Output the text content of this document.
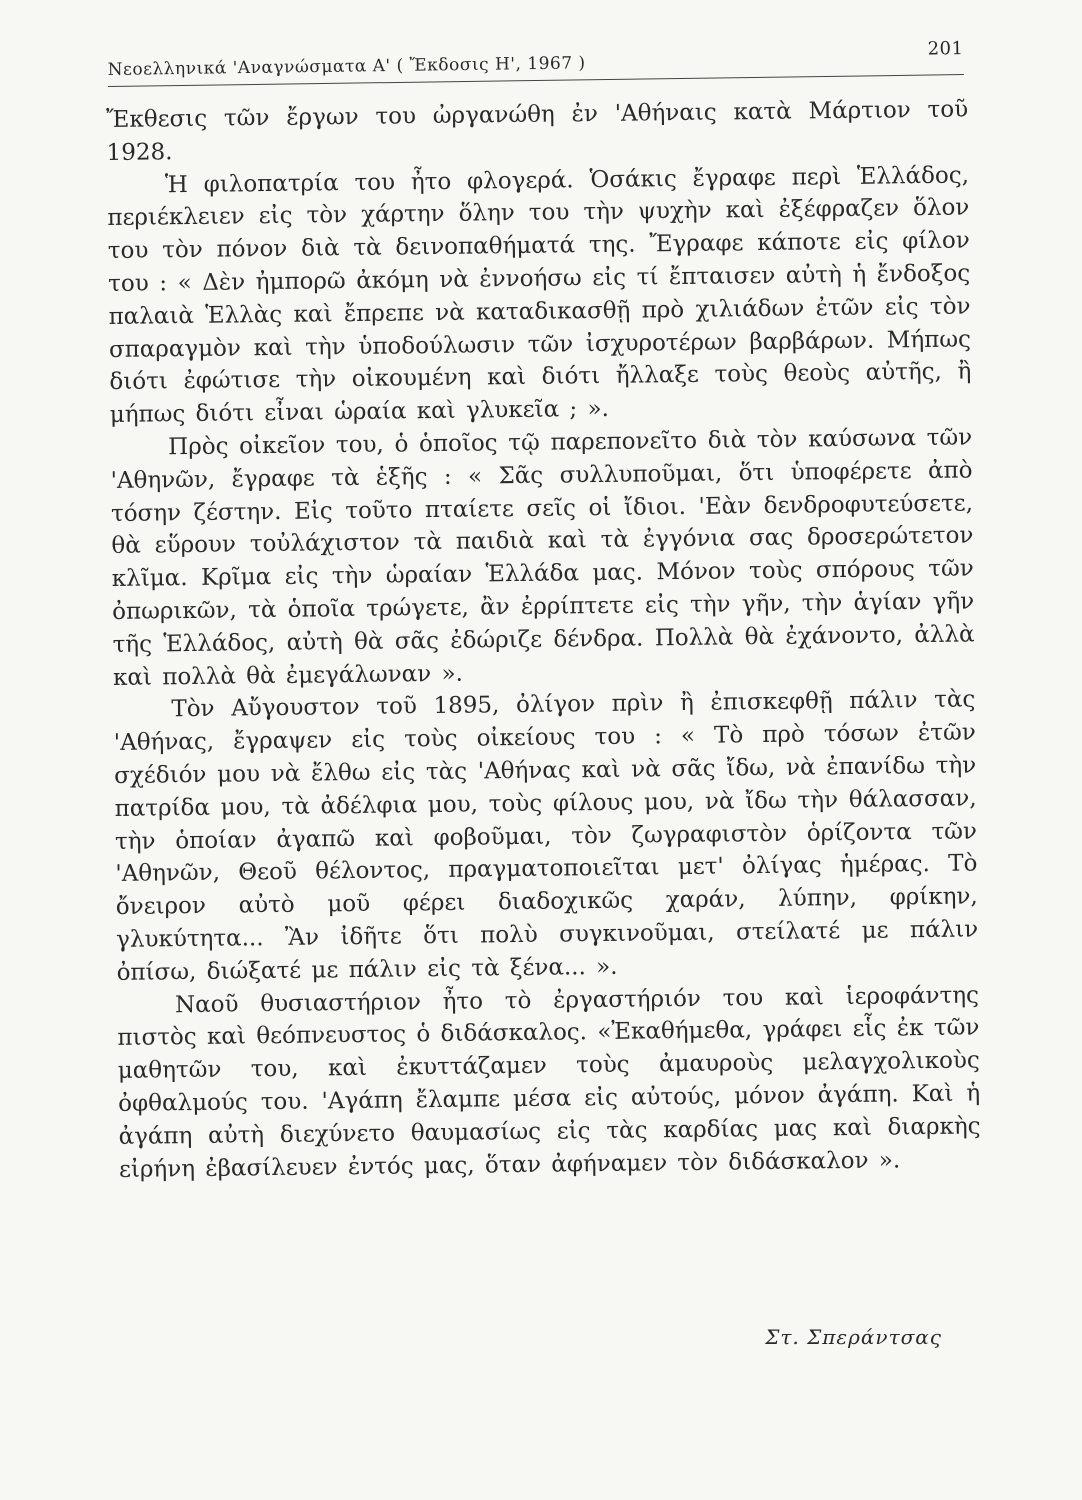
Νεοελληνικά 'Αναγνώσματα Α' ( Ἔκδοσις Η', 1967 )
201

Ἔκθεσις τῶν ἔργων του ὠργανώθη ἐν 'Αθήναις κατὰ Μάρτιον τοῦ 1928.

Ἡ φιλοπατρία του ἦτο φλογερά. Ὁσάκις ἔγραφε περὶ Ἑλλάδος, περιέκλειεν εἰς τὸν χάρτην ὅλην του τὴν ψυχὴν καὶ ἐξέφραζεν ὅλον του τὸν πόνον διὰ τὰ δεινοπαθήματά της. Ἔγραφε κάποτε εἰς φίλον του : « Δὲν ἠμπορῶ ἀκόμη νὰ ἐννοήσω εἰς τί ἔπταισεν αὐτὴ ἡ ἔνδοξος παλαιὰ Ἑλλὰς καὶ ἔπρεπε νὰ καταδικασθῇ πρὸ χιλιάδων ἐτῶν εἰς τὸν σπαραγμὸν καὶ τὴν ὑποδούλωσιν τῶν ἰσχυροτέρων βαρβάρων. Μήπως διότι ἐφώτισε τὴν οἰκουμένη καὶ διότι ἤλλαξε τοὺς θεοὺς αὐτῆς, ἢ μήπως διότι εἶναι ὡραία καὶ γλυκεῖα ; ».

Πρὸς οἰκεῖον του, ὁ ὁποῖος τῷ παρεπονεῖτο διὰ τὸν καύσωνα τῶν 'Αθηνῶν, ἔγραφε τὰ ἑξῆς : « Σᾶς συλλυποῦμαι, ὅτι ὑποφέρετε ἀπὸ τόσην ζέστην. Εἰς τοῦτο πταίετε σεῖς οἱ ἴδιοι. 'Εὰν δενδροφυτεύσετε, θὰ εὕρουν τοὐλάχιστον τὰ παιδιὰ καὶ τὰ ἐγγόνια σας δροσερώτετον κλῖμα. Κρῖμα εἰς τὴν ὡραίαν Ἑλλάδα μας. Μόνον τοὺς σπόρους τῶν ὀπωρικῶν, τὰ ὁποῖα τρώγετε, ἂν ἐρρίπτετε εἰς τὴν γῆν, τὴν ἁγίαν γῆν τῆς Ἑλλάδος, αὐτὴ θὰ σᾶς ἐδώριζε δένδρα. Πολλὰ θὰ ἐχάνοντο, ἀλλὰ καὶ πολλὰ θὰ ἐμεγάλωναν ».

Τὸν Αὔγουστον τοῦ 1895, ὀλίγον πρὶν ἢ ἐπισκεφθῇ πάλιν τὰς 'Αθήνας, ἔγραψεν εἰς τοὺς οἰκείους του : « Τὸ πρὸ τόσων ἐτῶν σχέδιόν μου νὰ ἔλθω εἰς τὰς 'Αθήνας καὶ νὰ σᾶς ἴδω, νὰ ἐπανίδω τὴν πατρίδα μου, τὰ ἀδέλφια μου, τοὺς φίλους μου, νὰ ἴδω τὴν θάλασσαν, τὴν ὁποίαν ἀγαπῶ καὶ φοβοῦμαι, τὸν ζωγραφιστὸν ὁρίζοντα τῶν 'Αθηνῶν, Θεοῦ θέλοντος, πραγματοποιεῖται μετ' ὀλίγας ἡμέρας. Τὸ ὄνειρον αὐτὸ μοῦ φέρει διαδοχικῶς χαράν, λύπην, φρίκην, γλυκύτητα... Ἂν ἰδῆτε ὅτι πολὺ συγκινοῦμαι, στείλατέ με πάλιν ὀπίσω, διώξατέ με πάλιν εἰς τὰ ξένα... ».

Ναοῦ θυσιαστήριον ἦτο τὸ ἐργαστήριόν του καὶ ἱεροφάντης πιστὸς καὶ θεόπνευστος ὁ διδάσκαλος. «Ἐκαθήμεθα, γράφει εἷς ἐκ τῶν μαθητῶν του, καὶ ἐκυττάζαμεν τοὺς ἀμαυροὺς μελαγχολικοὺς ὀφθαλμούς του. 'Αγάπη ἔλαμπε μέσα εἰς αὐτούς, μόνον ἀγάπη. Καὶ ἡ ἀγάπη αὐτὴ διεχύνετο θαυμασίως εἰς τὰς καρδίας μας καὶ διαρκὴς εἰρήνη ἐβασίλευεν ἐντός μας, ὅταν ἀφήναμεν τὸν διδάσκαλον ».

Στ. Σπεράντσας
